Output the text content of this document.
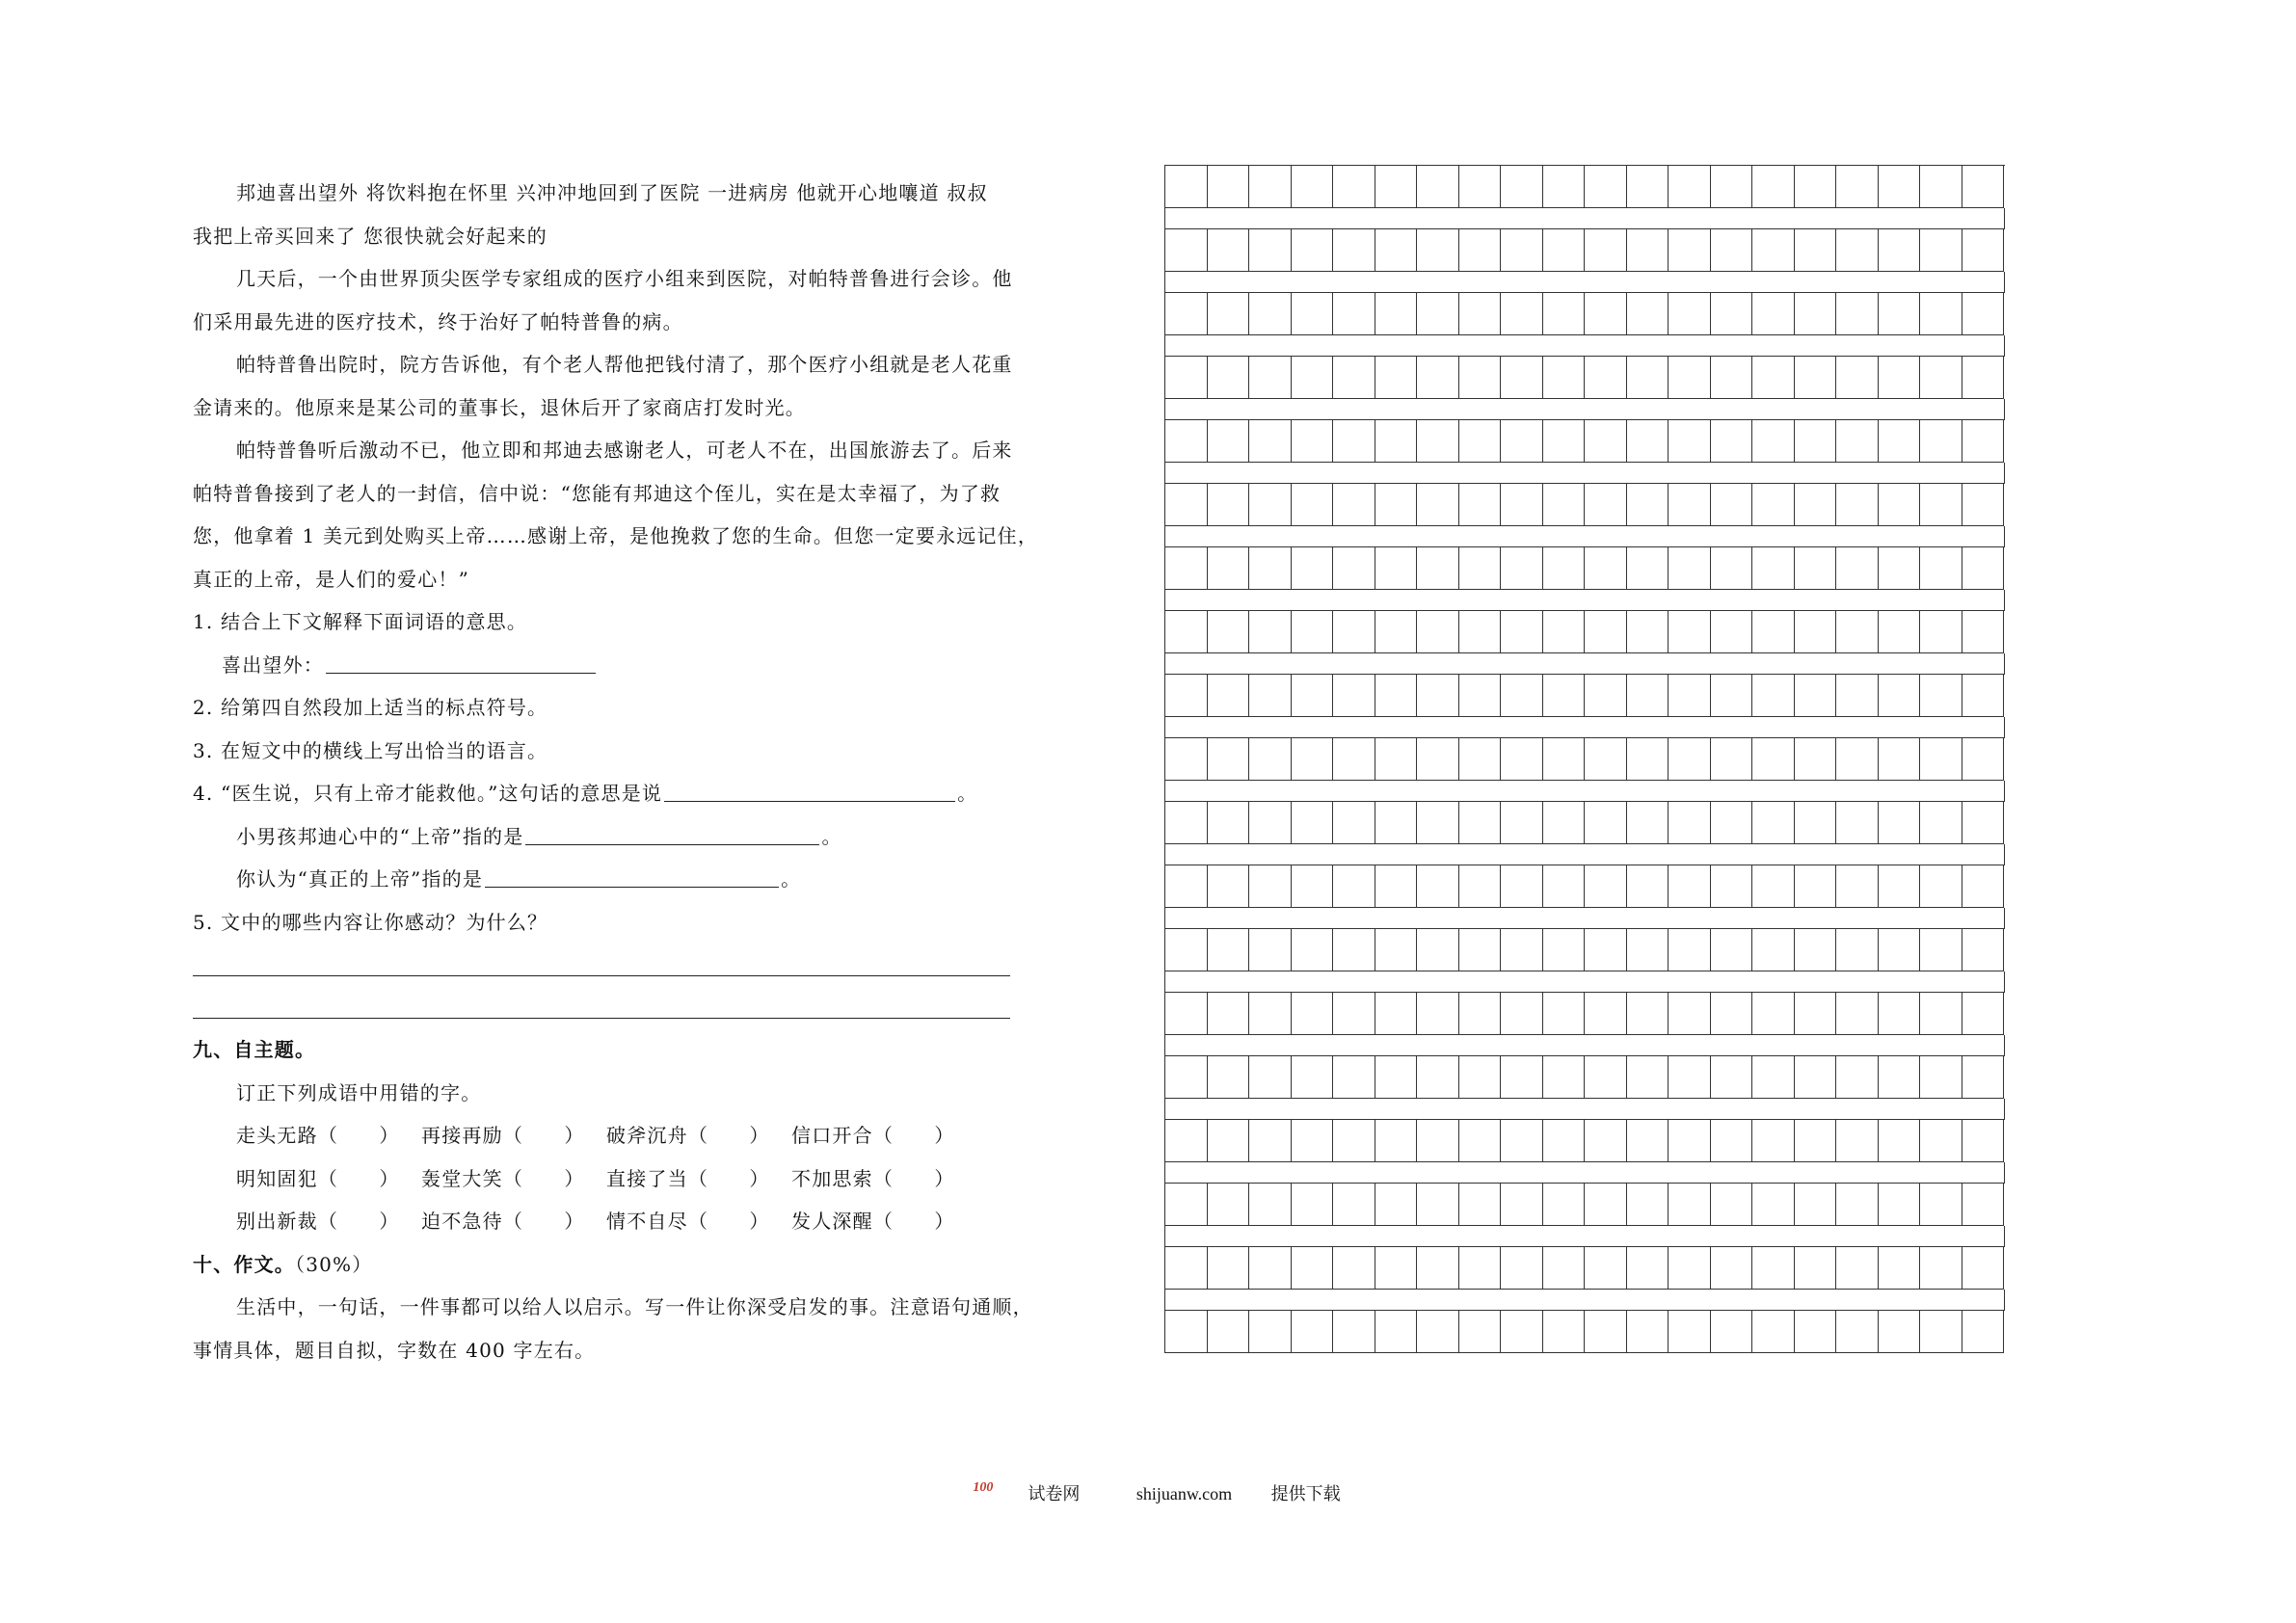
邦迪喜出望外 将饮料抱在怀里 兴冲冲地回到了医院 一进病房 他就开心地嚷道 叔叔
我把上帝买回来了 您很快就会好起来的
几天后，一个由世界顶尖医学专家组成的医疗小组来到医院，对帕特普鲁进行会诊。他
们采用最先进的医疗技术，终于治好了帕特普鲁的病。
帕特普鲁出院时，院方告诉他，有个老人帮他把钱付清了，那个医疗小组就是老人花重
金请来的。他原来是某公司的董事长，退休后开了家商店打发时光。
帕特普鲁听后激动不已，他立即和邦迪去感谢老人，可老人不在，出国旅游去了。后来
帕特普鲁接到了老人的一封信，信中说：“您能有邦迪这个侄儿，实在是太幸福了，为了救
您，他拿着 1 美元到处购买上帝……感谢上帝，是他挽救了您的生命。但您一定要永远记住，
真正的上帝，是人们的爱心！”
1. 结合上下文解释下面词语的意思。
喜出望外：
2. 给第四自然段加上适当的标点符号。
3. 在短文中的横线上写出恰当的语言。
4. “医生说，只有上帝才能救他。”这句话的意思是说	。
小男孩邦迪心中的“上帝”指的是	。
你认为“真正的上帝”指的是	。
5. 文中的哪些内容让你感动？为什么？
九、自主题。
订正下列成语中用错的字。
走头无路（　　） 再接再励（　　） 破斧沉舟（　　） 信口开合（　　）
明知固犯（　　） 轰堂大笑（　　） 直接了当（　　） 不加思索（　　）
别出新裁（　　） 迫不急待（　　） 情不自尽（　　） 发人深醒（　　）
十、作文。（30%）
生活中，一句话，一件事都可以给人以启示。写一件让你深受启发的事。注意语句通顺，
事情具体，题目自拟，字数在 400 字左右。
$^{100}$ 试卷网	shijuanw.com 提供下载
